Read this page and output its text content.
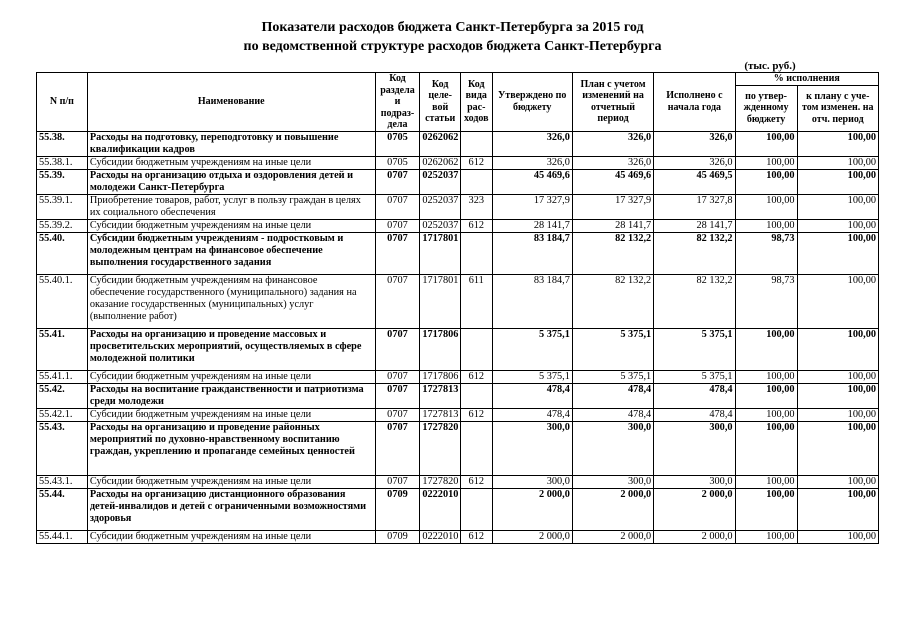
Показатели расходов бюджета Санкт-Петербурга за 2015 год
по ведомственной структуре расходов бюджета Санкт-Петербурга
(тыс. руб.)
N п/п	Наименование	Код раздела и подраз-дела	Код целе-вой статьи	Код вида рас-ходов	Утверждено по бюджету	План с учетом изменений на отчетный период	Исполнено с начала года	% исполнения	
								по утвер-жденному бюджету	к плану с уче-том изменен. на отч. период
55.38.	Расходы на подготовку, переподготовку и повышение квалификации кадров	0705	0262062		326,0	326,0	326,0	100,00	100,00
55.38.1.	Субсидии бюджетным учреждениям на иные цели	0705	0262062	612	326,0	326,0	326,0	100,00	100,00
55.39.	Расходы на организацию отдыха и оздоровления детей и молодежи Санкт-Петербурга	0707	0252037		45 469,6	45 469,6	45 469,5	100,00	100,00
55.39.1.	Приобретение товаров, работ, услуг в пользу граждан в целях их социального обеспечения	0707	0252037	323	17 327,9	17 327,9	17 327,8	100,00	100,00
55.39.2.	Субсидии бюджетным учреждениям на иные цели	0707	0252037	612	28 141,7	28 141,7	28 141,7	100,00	100,00
55.40.	Субсидии бюджетным учреждениям - подростковым и молодежным центрам на финансовое обеспечение выполнения государственного задания	0707	1717801		83 184,7	82 132,2	82 132,2	98,73	100,00
55.40.1.	Субсидии бюджетным учреждениям на финансовое обеспечение государственного (муниципального) задания на оказание государственных (муниципальных) услуг (выполнение работ)	0707	1717801	611	83 184,7	82 132,2	82 132,2	98,73	100,00
55.41.	Расходы на организацию и проведение массовых и просветительских мероприятий, осуществляемых в сфере молодежной политики	0707	1717806		5 375,1	5 375,1	5 375,1	100,00	100,00
55.41.1.	Субсидии бюджетным учреждениям на иные цели	0707	1717806	612	5 375,1	5 375,1	5 375,1	100,00	100,00
55.42.	Расходы на воспитание гражданственности и патриотизма среди молодежи	0707	1727813		478,4	478,4	478,4	100,00	100,00
55.42.1.	Субсидии бюджетным учреждениям на иные цели	0707	1727813	612	478,4	478,4	478,4	100,00	100,00
55.43.	Расходы на организацию и проведение районных мероприятий по духовно-нравственному воспитанию граждан, укреплению и пропаганде семейных ценностей	0707	1727820		300,0	300,0	300,0	100,00	100,00
55.43.1.	Субсидии бюджетным учреждениям на иные цели	0707	1727820	612	300,0	300,0	300,0	100,00	100,00
55.44.	Расходы на организацию дистанционного образования детей-инвалидов и детей с ограниченными возможностями здоровья	0709	0222010		2 000,0	2 000,0	2 000,0	100,00	100,00
55.44.1.	Субсидии бюджетным учреждениям на иные цели	0709	0222010	612	2 000,0	2 000,0	2 000,0	100,00	100,00
